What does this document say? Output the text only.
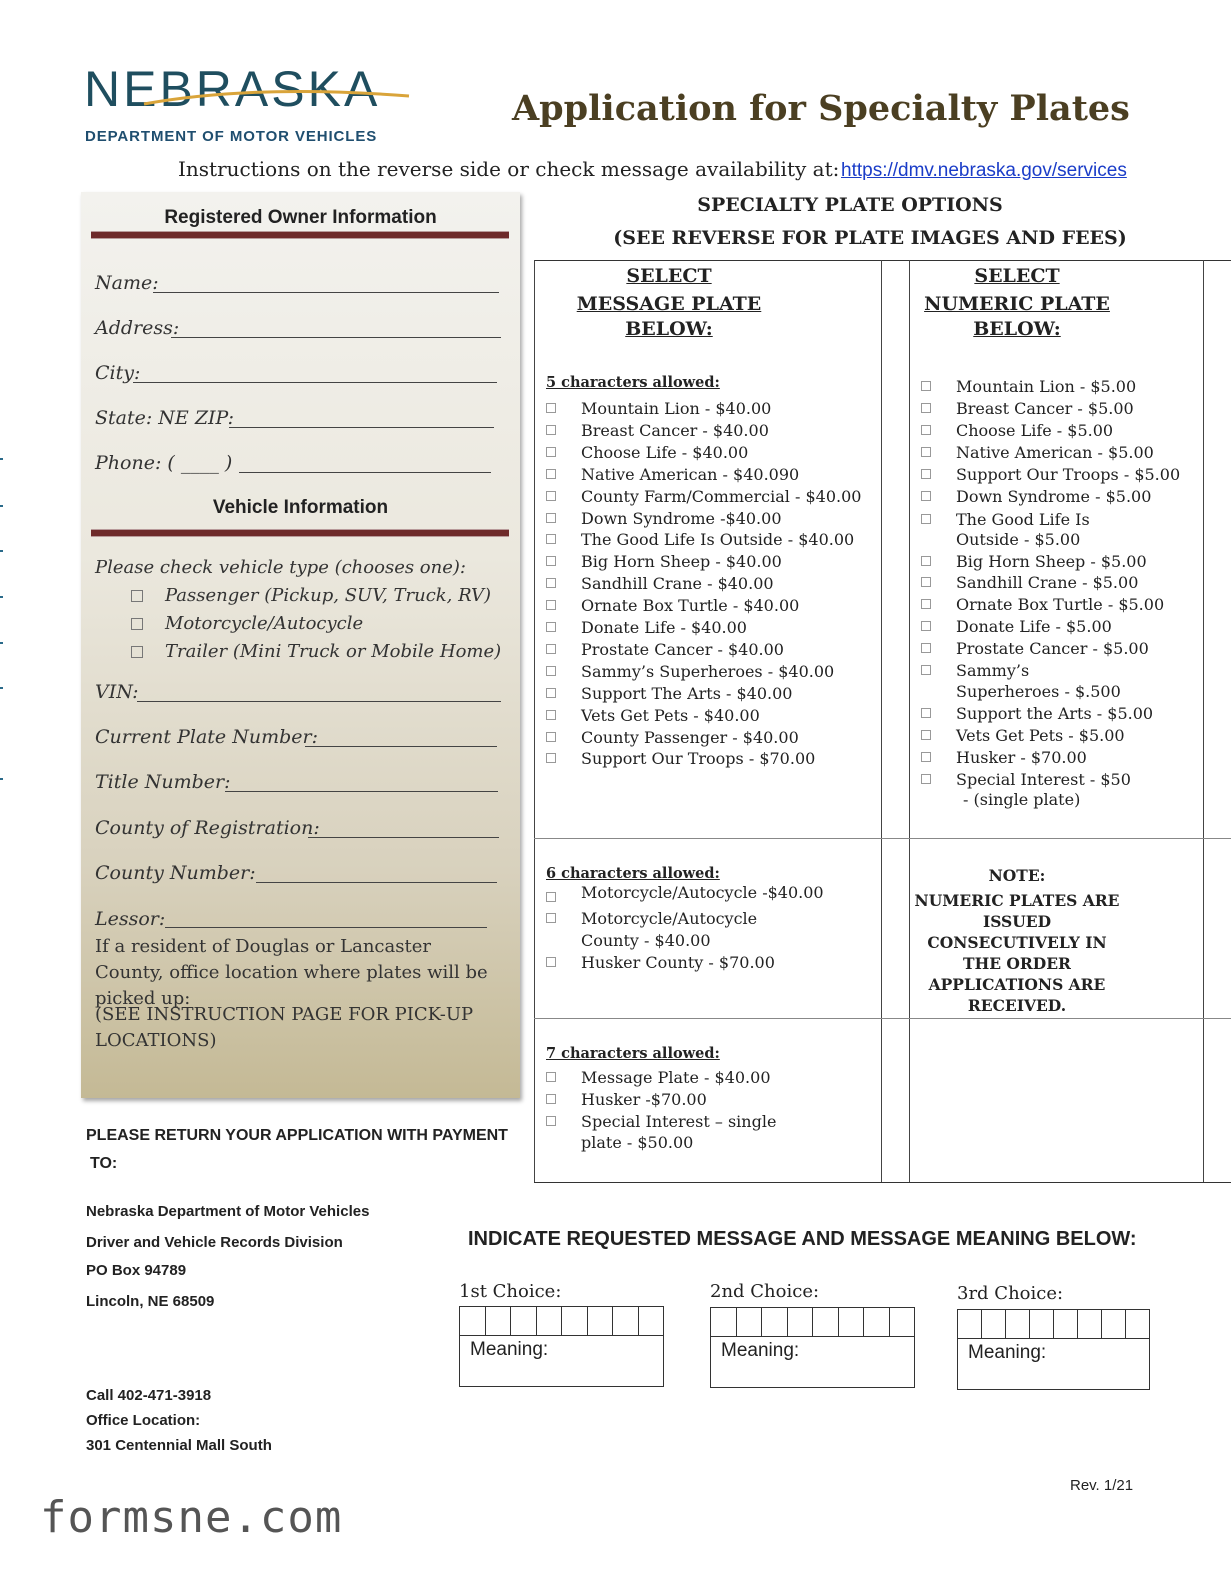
NEBRASKA
DEPARTMENT OF MOTOR VEHICLES
Application for Specialty Plates
Instructions on the reverse side or check message availability at: https://dmv.nebraska.gov/services
Registered Owner Information
Name:
Address:
City:
State: NE ZIP:
Phone: ( ____ )
Vehicle Information
Please check vehicle type (chooses one):
Passenger (Pickup, SUV, Truck, RV)
Motorcycle/Autocycle
Trailer (Mini Truck or Mobile Home)
VIN:
Current Plate Number:
Title Number:
County of Registration:
County Number:
Lessor:
If a resident of Douglas or Lancaster County, office location where plates will be picked up:
(SEE INSTRUCTION PAGE FOR PICK-UP LOCATIONS)
SPECIALTY PLATE OPTIONS
(SEE REVERSE FOR PLATE IMAGES AND FEES)
SELECT
MESSAGE PLATE
BELOW:
SELECT
NUMERIC PLATE
BELOW:
5 characters allowed:
Mountain Lion - $40.00
Breast Cancer - $40.00
Choose Life - $40.00
Native American - $40.090
County Farm/Commercial - $40.00
Down Syndrome -$40.00
The Good Life Is Outside - $40.00
Big Horn Sheep - $40.00
Sandhill Crane - $40.00
Ornate Box Turtle - $40.00
Donate Life - $40.00
Prostate Cancer - $40.00
Sammy’s Superheroes - $40.00
Support The Arts - $40.00
Vets Get Pets - $40.00
County Passenger - $40.00
Support Our Troops - $70.00
6 characters allowed:
Motorcycle/Autocycle -$40.00
Motorcycle/Autocycle
County - $40.00
Husker County - $70.00
7 characters allowed:
Message Plate - $40.00
Husker -$70.00
Special Interest – single
plate - $50.00
Mountain Lion - $5.00
Breast Cancer - $5.00
Choose Life - $5.00
Native American - $5.00
Support Our Troops - $5.00
Down Syndrome - $5.00
The Good Life Is
Outside - $5.00
Big Horn Sheep - $5.00
Sandhill Crane - $5.00
Ornate Box Turtle - $5.00
Donate Life - $5.00
Prostate Cancer - $5.00
Sammy’s
Superheroes - $.500
Support the Arts - $5.00
Vets Get Pets - $5.00
Husker - $70.00
Special Interest - $50
- (single plate)
NOTE:
NUMERIC PLATES ARE
ISSUED
CONSECUTIVELY IN
THE ORDER
APPLICATIONS ARE
RECEIVED.
PLEASE RETURN YOUR APPLICATION WITH PAYMENT
TO:
Nebraska Department of Motor Vehicles
Driver and Vehicle Records Division
PO Box 94789
Lincoln, NE 68509
Call 402-471-3918
Office Location:
301 Centennial Mall South
INDICATE REQUESTED MESSAGE AND MESSAGE MEANING BELOW:
1st Choice:
Meaning:
2nd Choice:
Meaning:
3rd Choice:
Meaning:
Rev. 1/21
formsne.com
